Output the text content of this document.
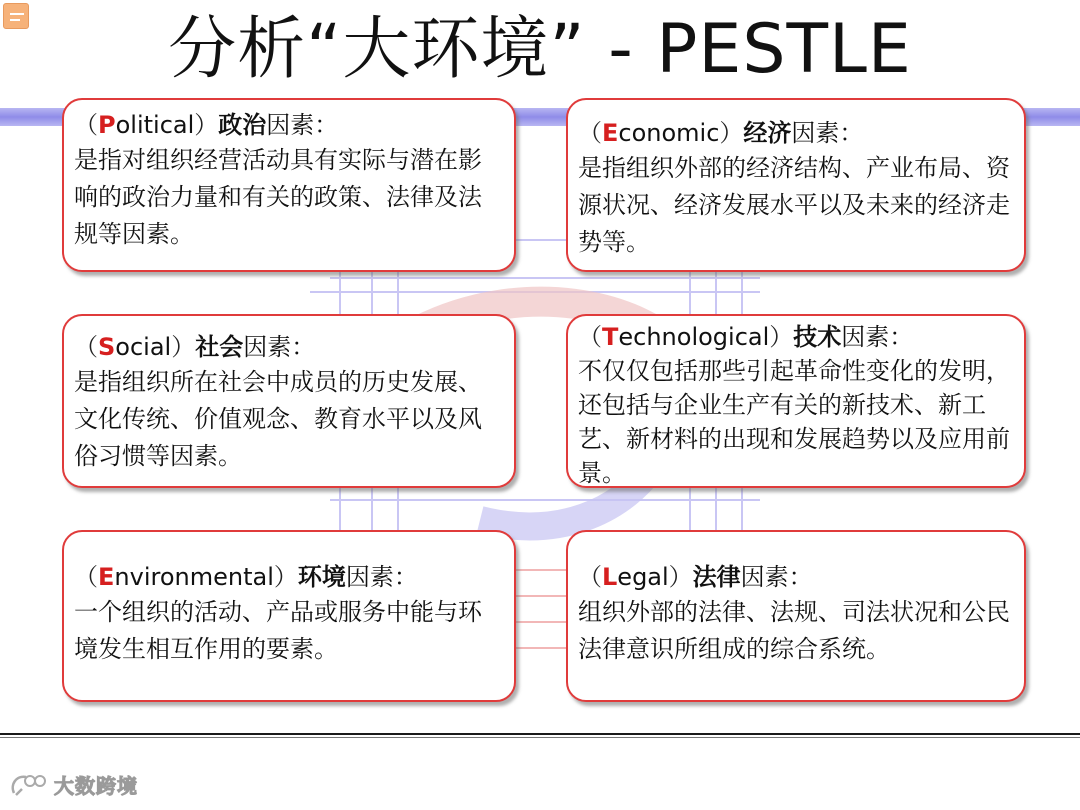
分析“大环境” - PESTLE
（Political）政治因素：

是指对组织经营活动具有实际与潜在影响的政治力量和有关的政策、法律及法规等因素。

（Economic）经济因素：

是指组织外部的经济结构、产业布局、资源状况、经济发展水平以及未来的经济走势等。

（Social）社会因素：

是指组织所在社会中成员的历史发展、文化传统、价值观念、教育水平以及风俗习惯等因素。

（Technological）技术因素：

不仅仅包括那些引起革命性变化的发明，还包括与企业生产有关的新技术、新工艺、新材料的出现和发展趋势以及应用前景。

（Environmental）环境因素：

一个组织的活动、产品或服务中能与环境发生相互作用的要素。

（Legal）法律因素：

组织外部的法律、法规、司法状况和公民法律意识所组成的综合系统。

大数跨境
